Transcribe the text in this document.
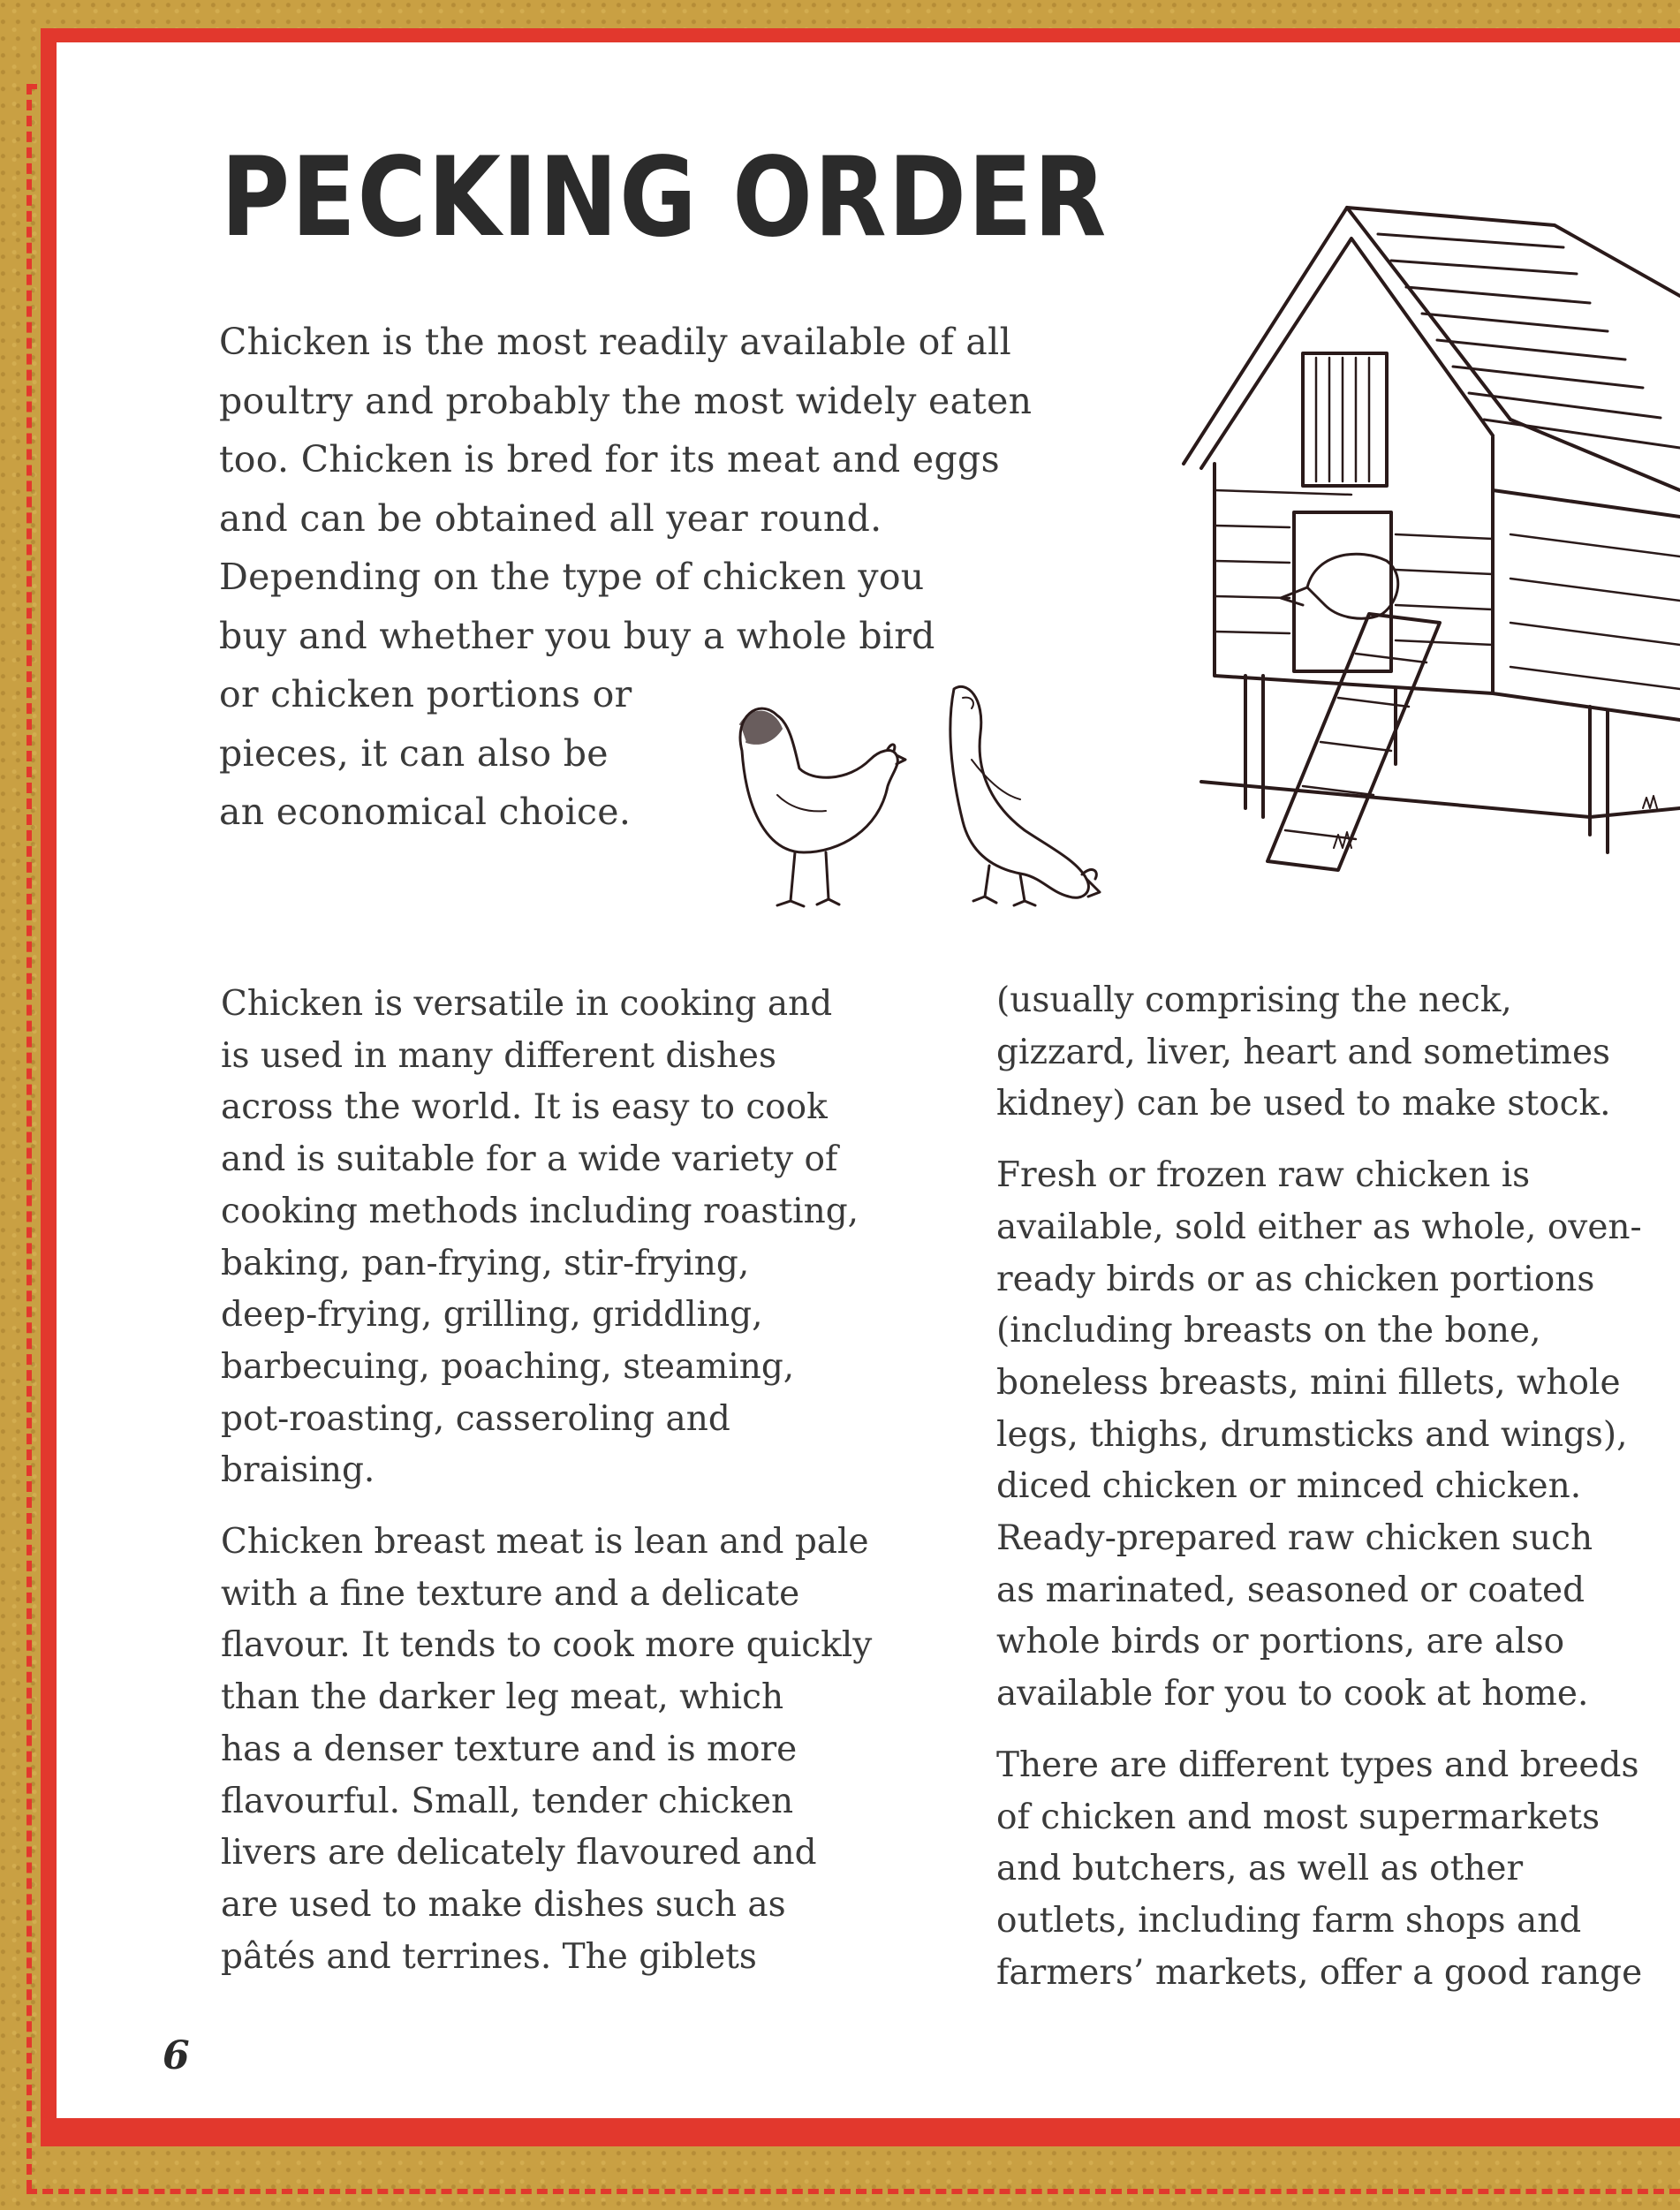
PECKING ORDER
Chicken is the most readily available of all
poultry and probably the most widely eaten
too. Chicken is bred for its meat and eggs
and can be obtained all year round.
Depending on the type of chicken you
buy and whether you buy a whole bird
or chicken portions or
pieces, it can also be
an economical choice.
Chicken is versatile in cooking and
is used in many different dishes
across the world. It is easy to cook
and is suitable for a wide variety of
cooking methods including roasting,
baking, pan-frying, stir-frying,
deep-frying, grilling, griddling,
barbecuing, poaching, steaming,
pot-roasting, casseroling and
braising.
Chicken breast meat is lean and pale
with a fine texture and a delicate
flavour. It tends to cook more quickly
than the darker leg meat, which
has a denser texture and is more
flavourful. Small, tender chicken
livers are delicately flavoured and
are used to make dishes such as
pâtés and terrines. The giblets
(usually comprising the neck,
gizzard, liver, heart and sometimes
kidney) can be used to make stock.
Fresh or frozen raw chicken is
available, sold either as whole, oven-
ready birds or as chicken portions
(including breasts on the bone,
boneless breasts, mini fillets, whole
legs, thighs, drumsticks and wings),
diced chicken or minced chicken.
Ready-prepared raw chicken such
as marinated, seasoned or coated
whole birds or portions, are also
available for you to cook at home.
There are different types and breeds
of chicken and most supermarkets
and butchers, as well as other
outlets, including farm shops and
farmers’ markets, offer a good range

6
